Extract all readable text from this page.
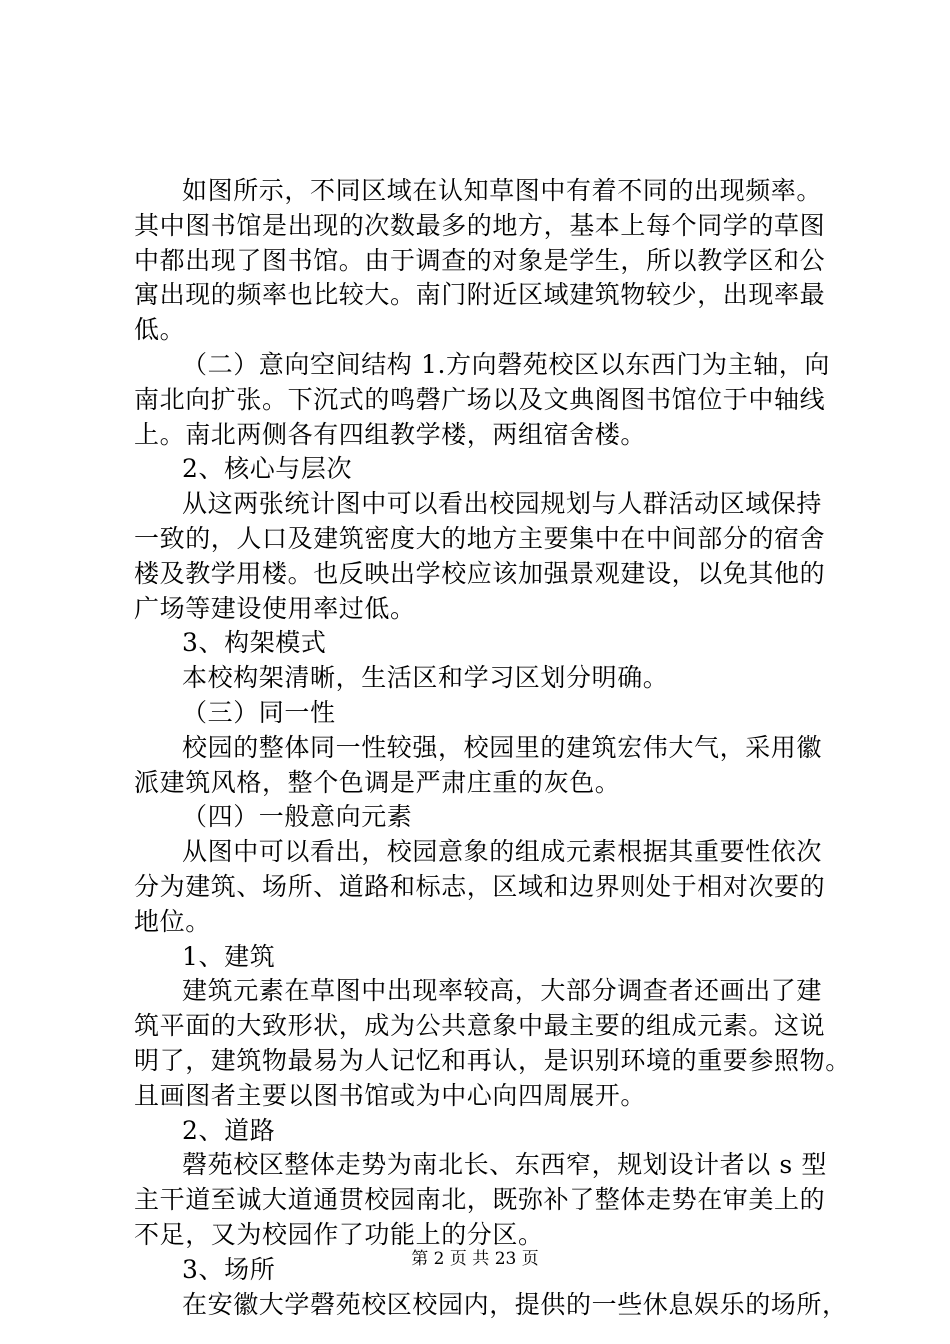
如图所示，不同区域在认知草图中有着不同的出现频率。
其中图书馆是出现的次数最多的地方，基本上每个同学的草图
中都出现了图书馆。由于调查的对象是学生，所以教学区和公
寓出现的频率也比较大。南门附近区域建筑物较少，出现率最
低。
（二）意向空间结构 1.方向磬苑校区以东西门为主轴，向
南北向扩张。下沉式的鸣磬广场以及文典阁图书馆位于中轴线
上。南北两侧各有四组教学楼，两组宿舍楼。
2、核心与层次
从这两张统计图中可以看出校园规划与人群活动区域保持
一致的，人口及建筑密度大的地方主要集中在中间部分的宿舍
楼及教学用楼。也反映出学校应该加强景观建设，以免其他的
广场等建设使用率过低。
3、构架模式
本校构架清晰，生活区和学习区划分明确。
（三）同一性
校园的整体同一性较强，校园里的建筑宏伟大气，采用徽
派建筑风格，整个色调是严肃庄重的灰色。
（四）一般意向元素
从图中可以看出，校园意象的组成元素根据其重要性依次
分为建筑、场所、道路和标志，区域和边界则处于相对次要的
地位。
1、建筑
建筑元素在草图中出现率较高，大部分调查者还画出了建
筑平面的大致形状，成为公共意象中最主要的组成元素。这说
明了，建筑物最易为人记忆和再认，是识别环境的重要参照物。
且画图者主要以图书馆或为中心向四周展开。
2、道路
磬苑校区整体走势为南北长、东西窄，规划设计者以 s 型
主干道至诚大道通贯校园南北，既弥补了整体走势在审美上的
不足，又为校园作了功能上的分区。
3、场所
在安徽大学磬苑校区校园内，提供的一些休息娱乐的场所，
第 2 页 共 23 页
